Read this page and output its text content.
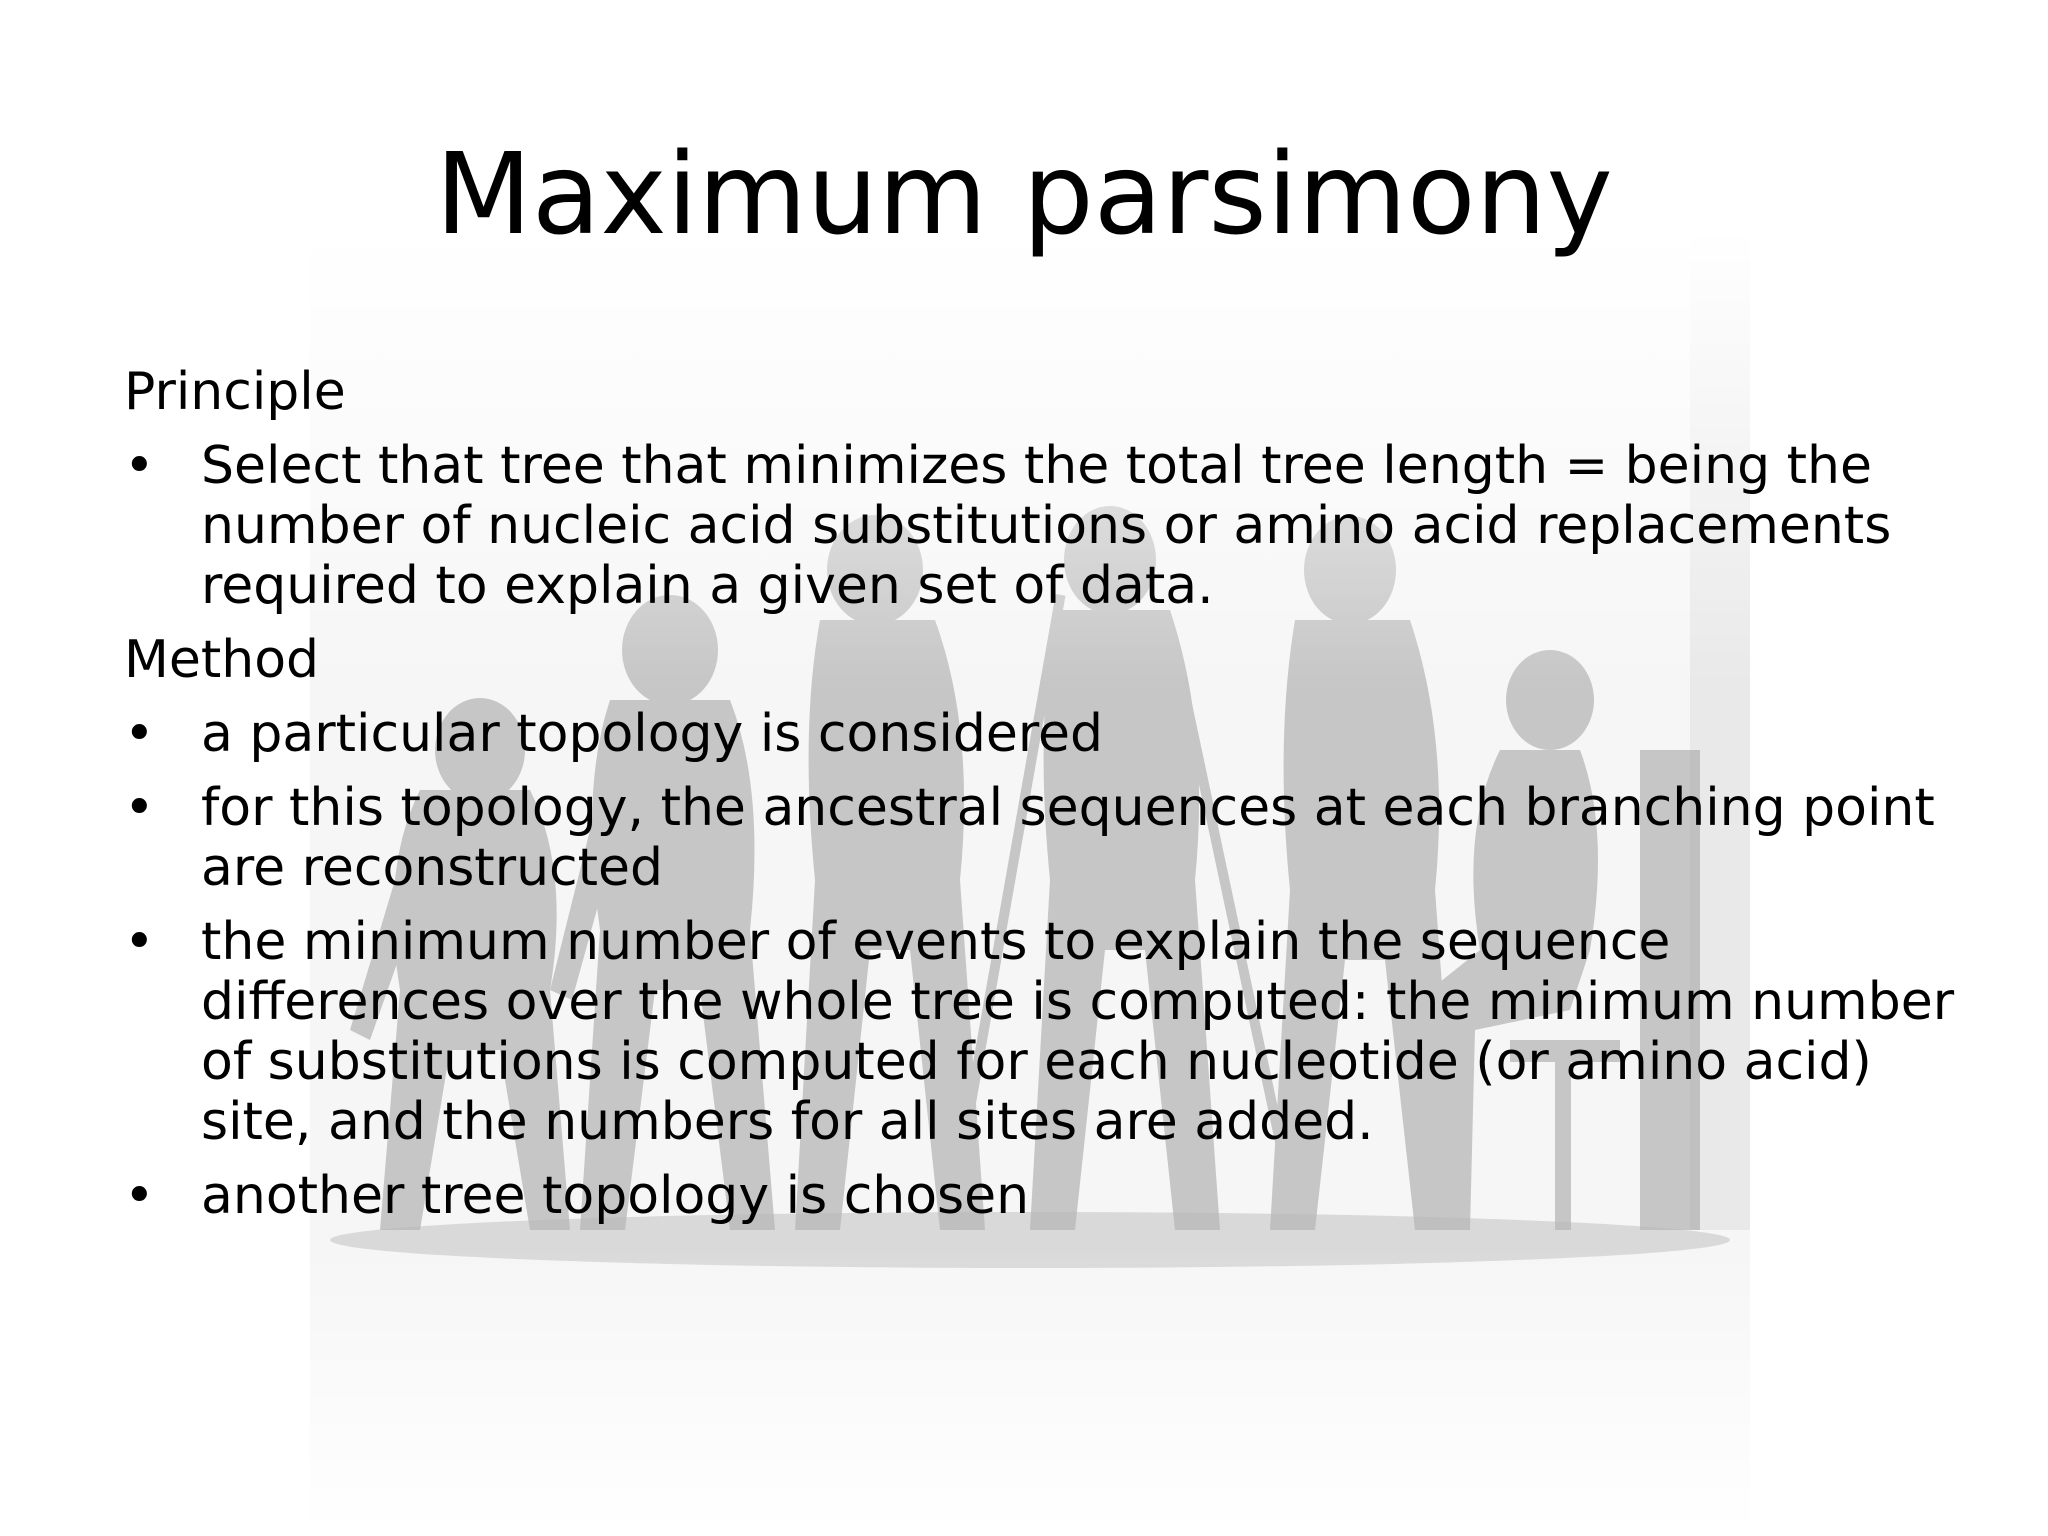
Maximum parsimony
Principle
• Select that tree that minimizes the total tree length = being the number of nucleic acid substitutions or amino acid replacements required to explain a given set of data.
Method
• a particular topology is considered
• for this topology, the ancestral sequences at each branching point are reconstructed
• the minimum number of events to explain the sequence differences over the whole tree is computed: the minimum number of substitutions is computed for each nucleotide (or amino acid) site, and the numbers for all sites are added.
• another tree topology is chosen
